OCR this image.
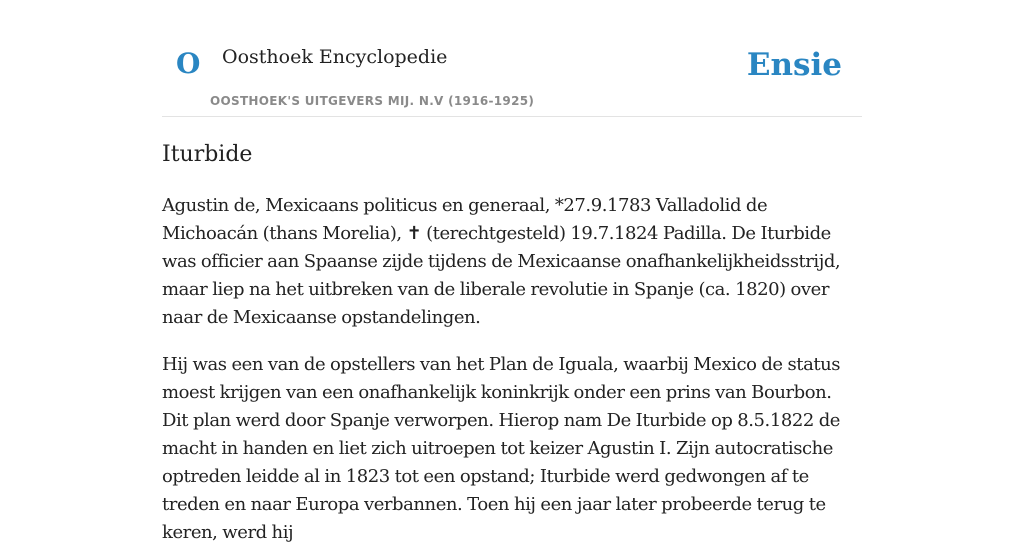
O Oosthoek Encyclopedie
OOSTHOEK'S UITGEVERS MIJ. N.V (1916-1925)
Ensie
Iturbide

Agustin de, Mexicaans politicus en generaal, *27.9.1783 Valladolid de Michoacán (thans Morelia), ✝ (terechtgesteld) 19.7.1824 Padilla. De Iturbide was officier aan Spaanse zijde tijdens de Mexicaanse onafhankelijkheidsstrijd, maar liep na het uitbreken van de liberale revolutie in Spanje (ca. 1820) over naar de Mexicaanse opstandelingen.

Hij was een van de opstellers van het Plan de Iguala, waarbij Mexico de status moest krijgen van een onafhankelijk koninkrijk onder een prins van Bourbon. Dit plan werd door Spanje verworpen. Hierop nam De Iturbide op 8.5.1822 de macht in handen en liet zich uitroepen tot keizer Agustin I. Zijn autocratische optreden leidde al in 1823 tot een opstand; Iturbide werd gedwongen af te treden en naar Europa verbannen. Toen hij een jaar later probeerde terug te keren, werd hij
